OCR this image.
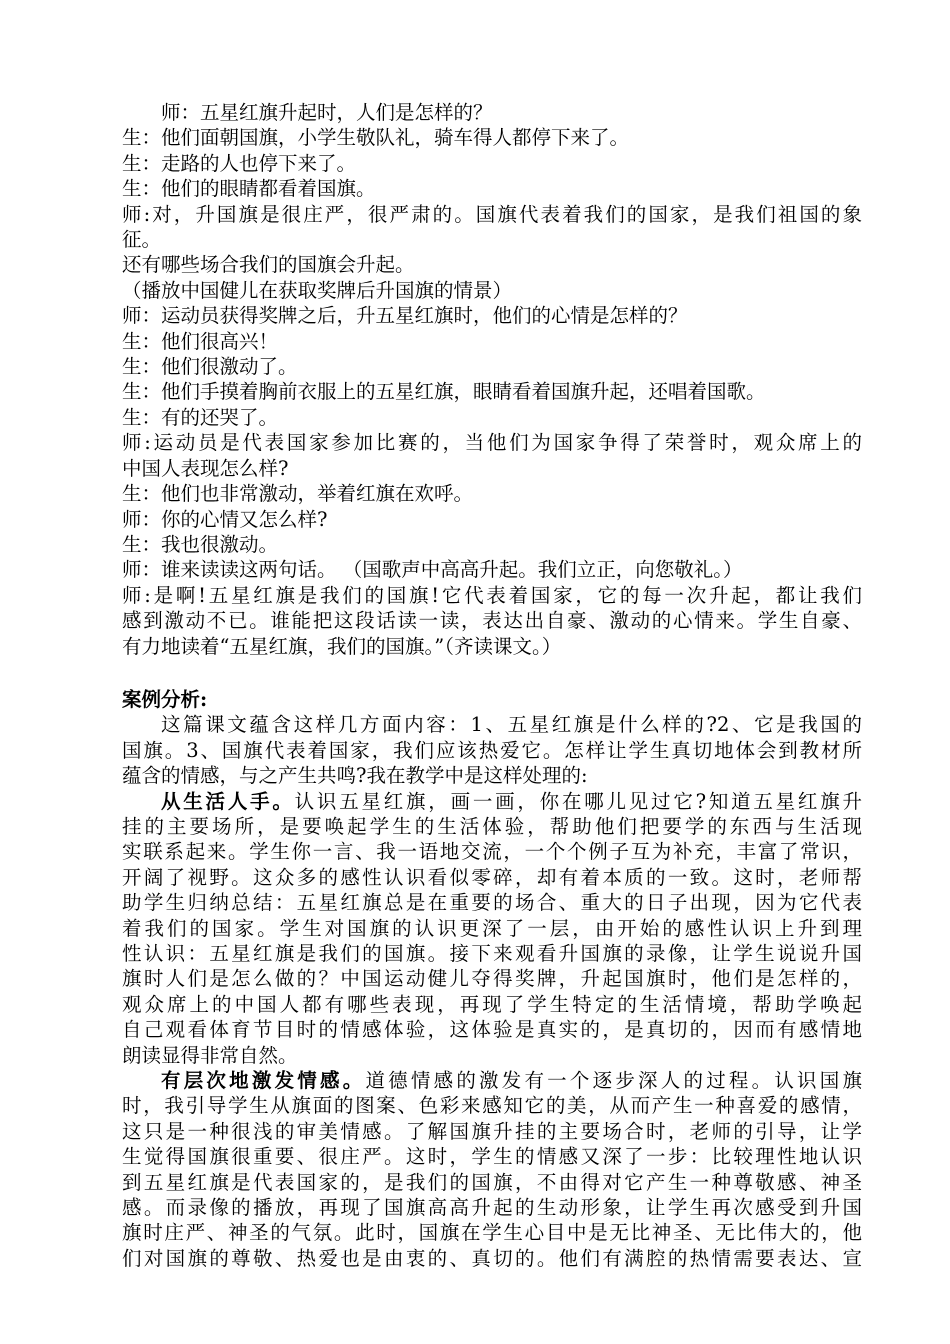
师：五星红旗升起时，人们是怎样的？
生：他们面朝国旗，小学生敬队礼，骑车得人都停下来了。
生：走路的人也停下来了。
生：他们的眼睛都看着国旗。
师:对，升国旗是很庄严，很严肃的。国旗代表着我们的国家，是我们祖国的象
征。
还有哪些场合我们的国旗会升起。
（播放中国健儿在获取奖牌后升国旗的情景）
师：运动员获得奖牌之后，升五星红旗时，他们的心情是怎样的？
生：他们很高兴！
生：他们很激动了。
生：他们手摸着胸前衣服上的五星红旗，眼睛看着国旗升起，还唱着国歌。
生：有的还哭了。
师:运动员是代表国家参加比赛的，当他们为国家争得了荣誉时，观众席上的
中国人表现怎么样?
生：他们也非常激动，举着红旗在欢呼。
师：你的心情又怎么样?
生：我也很激动。
师：谁来读读这两句话。 （国歌声中高高升起。我们立正，向您敬礼。）
师:是啊!五星红旗是我们的国旗!它代表着国家，它的每一次升起，都让我们
感到激动不已。谁能把这段话读一读，表达出自豪、激动的心情来。学生自豪、
有力地读着“五星红旗，我们的国旗。”（齐读课文。）
案例分析:
这篇课文蕴含这样几方面内容：1、五星红旗是什么样的?2、它是我国的
国旗。3、国旗代表着国家，我们应该热爱它。怎样让学生真切地体会到教材所
蕴含的情感，与之产生共鸣?我在教学中是这样处理的:
从生活人手。认识五星红旗，画一画，你在哪儿见过它?知道五星红旗升
挂的主要场所，是要唤起学生的生活体验，帮助他们把要学的东西与生活现
实联系起来。学生你一言、我一语地交流，一个个例子互为补充，丰富了常识，
开阔了视野。这众多的感性认识看似零碎，却有着本质的一致。这时，老师帮
助学生归纳总结：五星红旗总是在重要的场合、重大的日子出现，因为它代表
着我们的国家。学生对国旗的认识更深了一层，由开始的感性认识上升到理
性认识：五星红旗是我们的国旗。接下来观看升国旗的录像，让学生说说升国
旗时人们是怎么做的？中国运动健儿夺得奖牌，升起国旗时，他们是怎样的，
观众席上的中国人都有哪些表现，再现了学生特定的生活情境，帮助学唤起
自己观看体育节目时的情感体验，这体验是真实的，是真切的，因而有感情地
朗读显得非常自然。
有层次地激发情感。道德情感的激发有一个逐步深人的过程。认识国旗
时，我引导学生从旗面的图案、色彩来感知它的美，从而产生一种喜爱的感情，
这只是一种很浅的审美情感。了解国旗升挂的主要场合时，老师的引导，让学
生觉得国旗很重要、很庄严。这时，学生的情感又深了一步：比较理性地认识
到五星红旗是代表国家的，是我们的国旗，不由得对它产生一种尊敬感、神圣
感。而录像的播放，再现了国旗高高升起的生动形象，让学生再次感受到升国
旗时庄严、神圣的气氛。此时，国旗在学生心目中是无比神圣、无比伟大的，他
们对国旗的尊敬、热爱也是由衷的、真切的。他们有满腔的热情需要表达、宣
